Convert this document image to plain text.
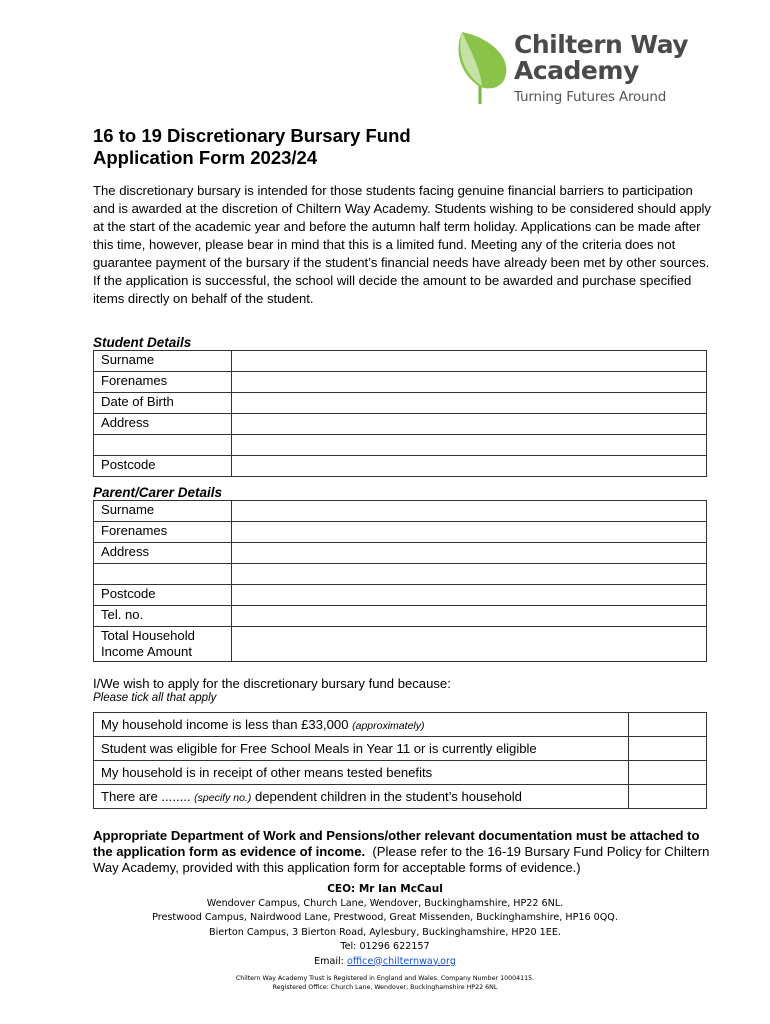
Chiltern Way
Academy
Turning Futures Around
16 to 19 Discretionary Bursary Fund
Application Form 2023/24

The discretionary bursary is intended for those students facing genuine financial barriers to participation and is awarded at the discretion of Chiltern Way Academy. Students wishing to be considered should apply at the start of the academic year and before the autumn half term holiday. Applications can be made after this time, however, please bear in mind that this is a limited fund. Meeting any of the criteria does not guarantee payment of the bursary if the student’s financial needs have already been met by other sources. If the application is successful, the school will decide the amount to be awarded and purchase specified items directly on behalf of the student.

Student Details
Surname	
Forenames	
Date of Birth	
Address	

Postcode	
Parent/Carer Details
Surname	
Forenames	
Address	

Postcode	
Tel. no.	
Total Household Income Amount	
I/We wish to apply for the discretionary bursary fund because:
Please tick all that apply
My household income is less than £33,000 (approximately)	
Student was eligible for Free School Meals in Year 11 or is currently eligible	
My household is in receipt of other means tested benefits	
There are ........ (specify no.) dependent children in the student’s household	

Appropriate Department of Work and Pensions/other relevant documentation must be attached to the application form as evidence of income. (Please refer to the 16-19 Bursary Fund Policy for Chiltern Way Academy, provided with this application form for acceptable forms of evidence.)

CEO: Mr Ian McCaul
Wendover Campus, Church Lane, Wendover, Buckinghamshire, HP22 6NL.
Prestwood Campus, Nairdwood Lane, Prestwood, Great Missenden, Buckinghamshire, HP16 0QQ.
Bierton Campus, 3 Bierton Road, Aylesbury, Buckinghamshire, HP20 1EE.
Tel: 01296 622157
Email: office@chilternway.org
Chiltern Way Academy Trust is Registered in England and Wales. Company Number 10004115.
Registered Office: Church Lane, Wendover, Buckinghamshire HP22 6NL
